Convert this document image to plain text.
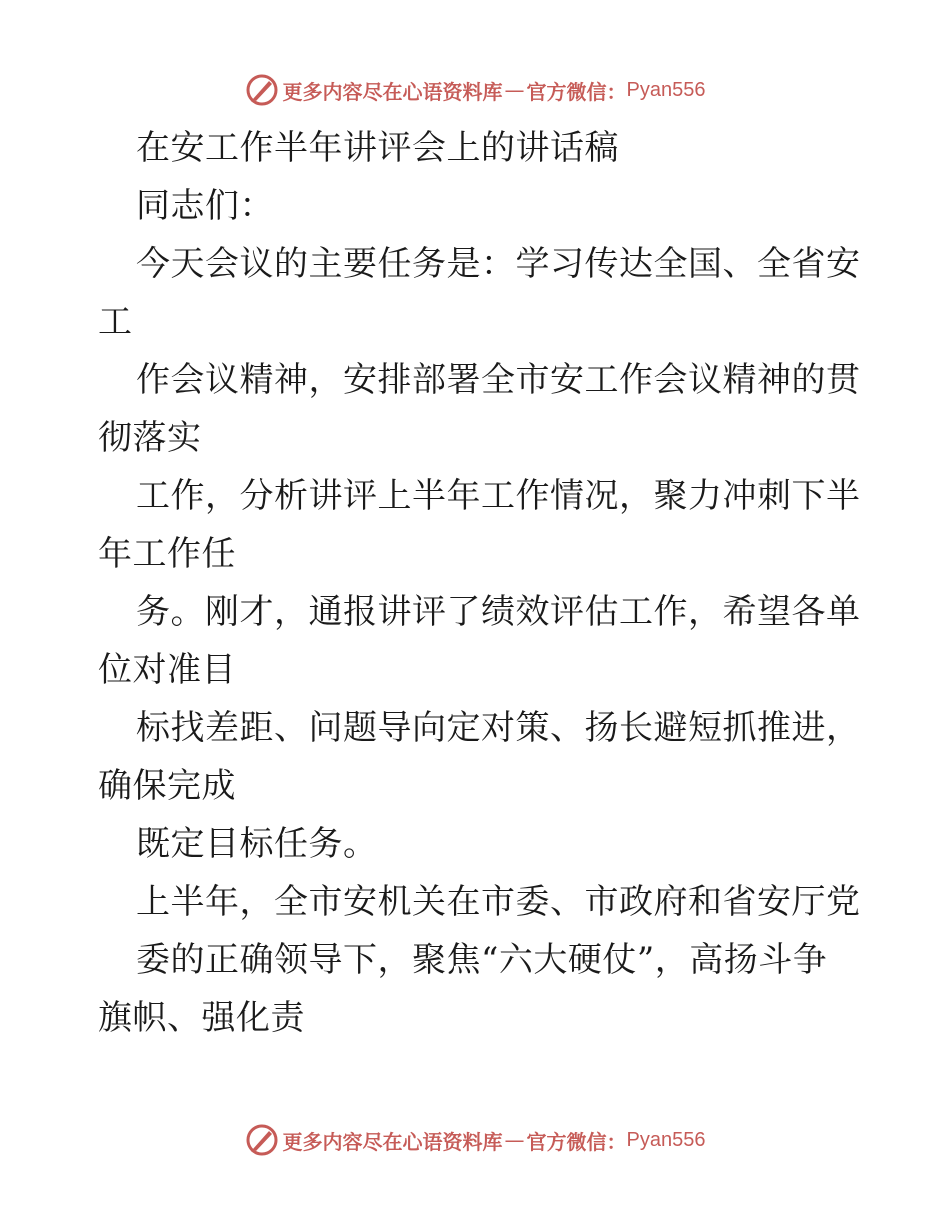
更多内容尽在心语资料库 — 官方微信： Pyan556
在安工作半年讲评会上的讲话稿
同志们：
今天会议的主要任务是：学习传达全国、全省安
工
作会议精神，安排部署全市安工作会议精神的贯
彻落实
工作，分析讲评上半年工作情况，聚力冲刺下半
年工作任
务。刚才，通报讲评了绩效评估工作，希望各单
位对准目
标找差距、问题导向定对策、扬长避短抓推进，
确保完成
既定目标任务。
上半年，全市安机关在市委、市政府和省安厅党
委的正确领导下，聚焦“六大硬仗”，高扬斗争
旗帜、强化责
更多内容尽在心语资料库 — 官方微信： Pyan556
